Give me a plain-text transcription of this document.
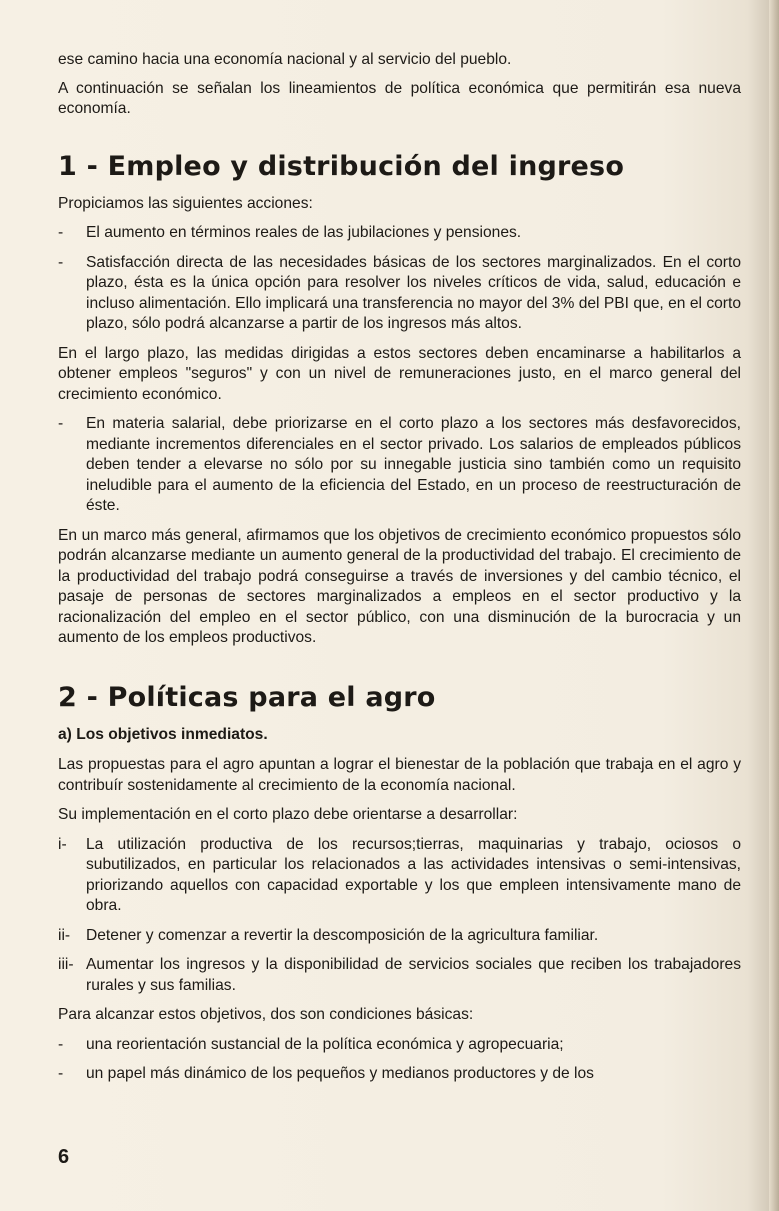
ese camino hacia una economía nacional y al servicio del pueblo.

A continuación se señalan los lineamientos de política económica que permitirán esa nueva economía.

1 - Empleo y distribución del ingreso

Propiciamos las siguientes acciones:

- El aumento en términos reales de las jubilaciones y pensiones.
- Satisfacción directa de las necesidades básicas de los sectores marginalizados. En el corto plazo, ésta es la única opción para resolver los niveles críticos de vida, salud, educación e incluso alimentación. Ello implicará una transferencia no mayor del 3% del PBI que, en el corto plazo, sólo podrá alcanzarse a partir de los ingresos más altos.

En el largo plazo, las medidas dirigidas a estos sectores deben encaminarse a habilitarlos a obtener empleos "seguros" y con un nivel de remuneraciones justo, en el marco general del crecimiento económico.

- En materia salarial, debe priorizarse en el corto plazo a los sectores más desfavorecidos, mediante incrementos diferenciales en el sector privado. Los salarios de empleados públicos deben tender a elevarse no sólo por su innegable justicia sino también como un requisito ineludible para el aumento de la eficiencia del Estado, en un proceso de reestructuración de éste.

En un marco más general, afirmamos que los objetivos de crecimiento económico propuestos sólo podrán alcanzarse mediante un aumento general de la productividad del trabajo. El crecimiento de la productividad del trabajo podrá conseguirse a través de inversiones y del cambio técnico, el pasaje de personas de sectores marginalizados a empleos en el sector productivo y la racionalización del empleo en el sector público, con una disminución de la burocracia y un aumento de los empleos productivos.

2 - Políticas para el agro
a) Los objetivos inmediatos.

Las propuestas para el agro apuntan a lograr el bienestar de la población que trabaja en el agro y contribuír sostenidamente al crecimiento de la economía nacional.

Su implementación en el corto plazo debe orientarse a desarrollar:

i- La utilización productiva de los recursos;tierras, maquinarias y trabajo, ociosos o subutilizados, en particular los relacionados a las actividades intensivas o semi-intensivas, priorizando aquellos con capacidad exportable y los que empleen intensivamente mano de obra.
ii- Detener y comenzar a revertir la descomposición de la agricultura familiar.
iii- Aumentar los ingresos y la disponibilidad de servicios sociales que reciben los trabajadores rurales y sus familias.

Para alcanzar estos objetivos, dos son condiciones básicas:

- una reorientación sustancial de la política económica y agropecuaria;
- un papel más dinámico de los pequeños y medianos productores y de los
6
